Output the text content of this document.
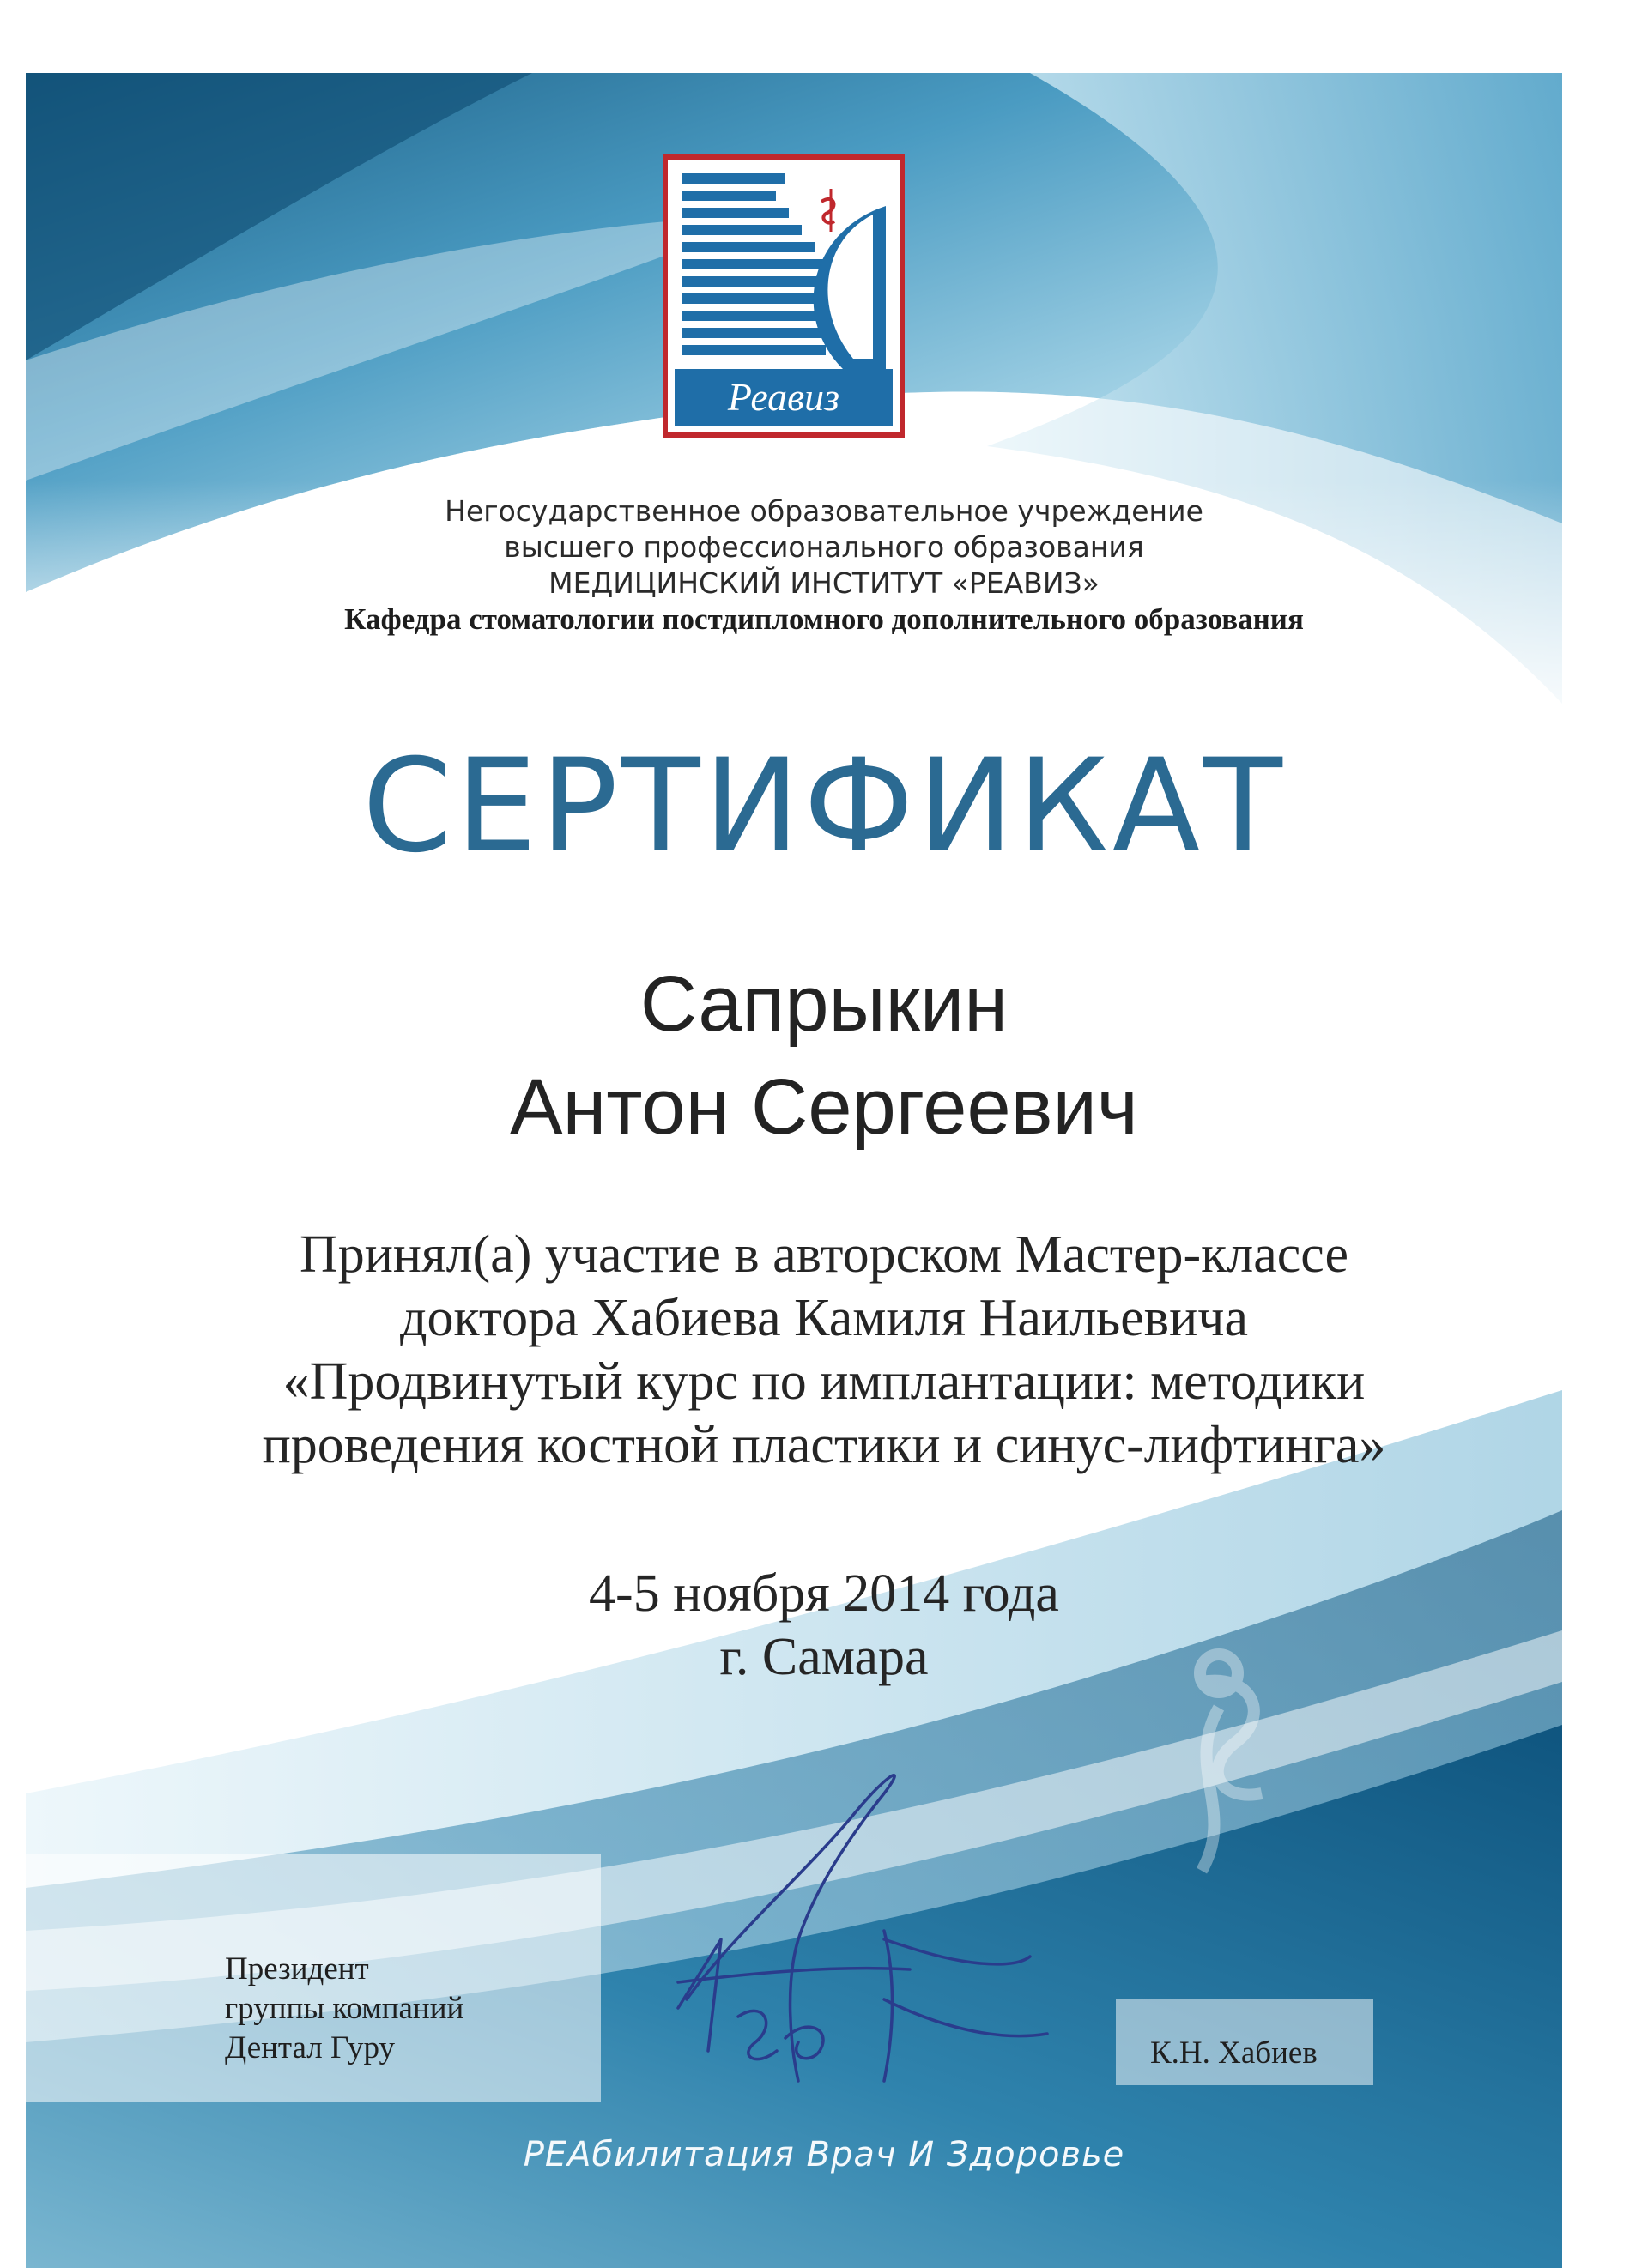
Реавиз
Негосударственное образовательное учреждение
высшего профессионального образования
МЕДИЦИНСКИЙ ИНСТИТУТ «РЕАВИЗ»
Кафедра стоматологии постдипломного дополнительного образования
СЕРТИФИКАТ
Сапрыкин
Антон Сергеевич
Принял(а) участие в авторском Мастер-классе
доктора Хабиева Камиля Наильевича
«Продвинутый курс по имплантации: методики
проведения костной пластики и синус-лифтинга»
4-5 ноября 2014 года
г. Самара
Президент
группы компаний
Дентал Гуру	К.Н. Хабиев
РЕАбилитация Врач И Здоровье
